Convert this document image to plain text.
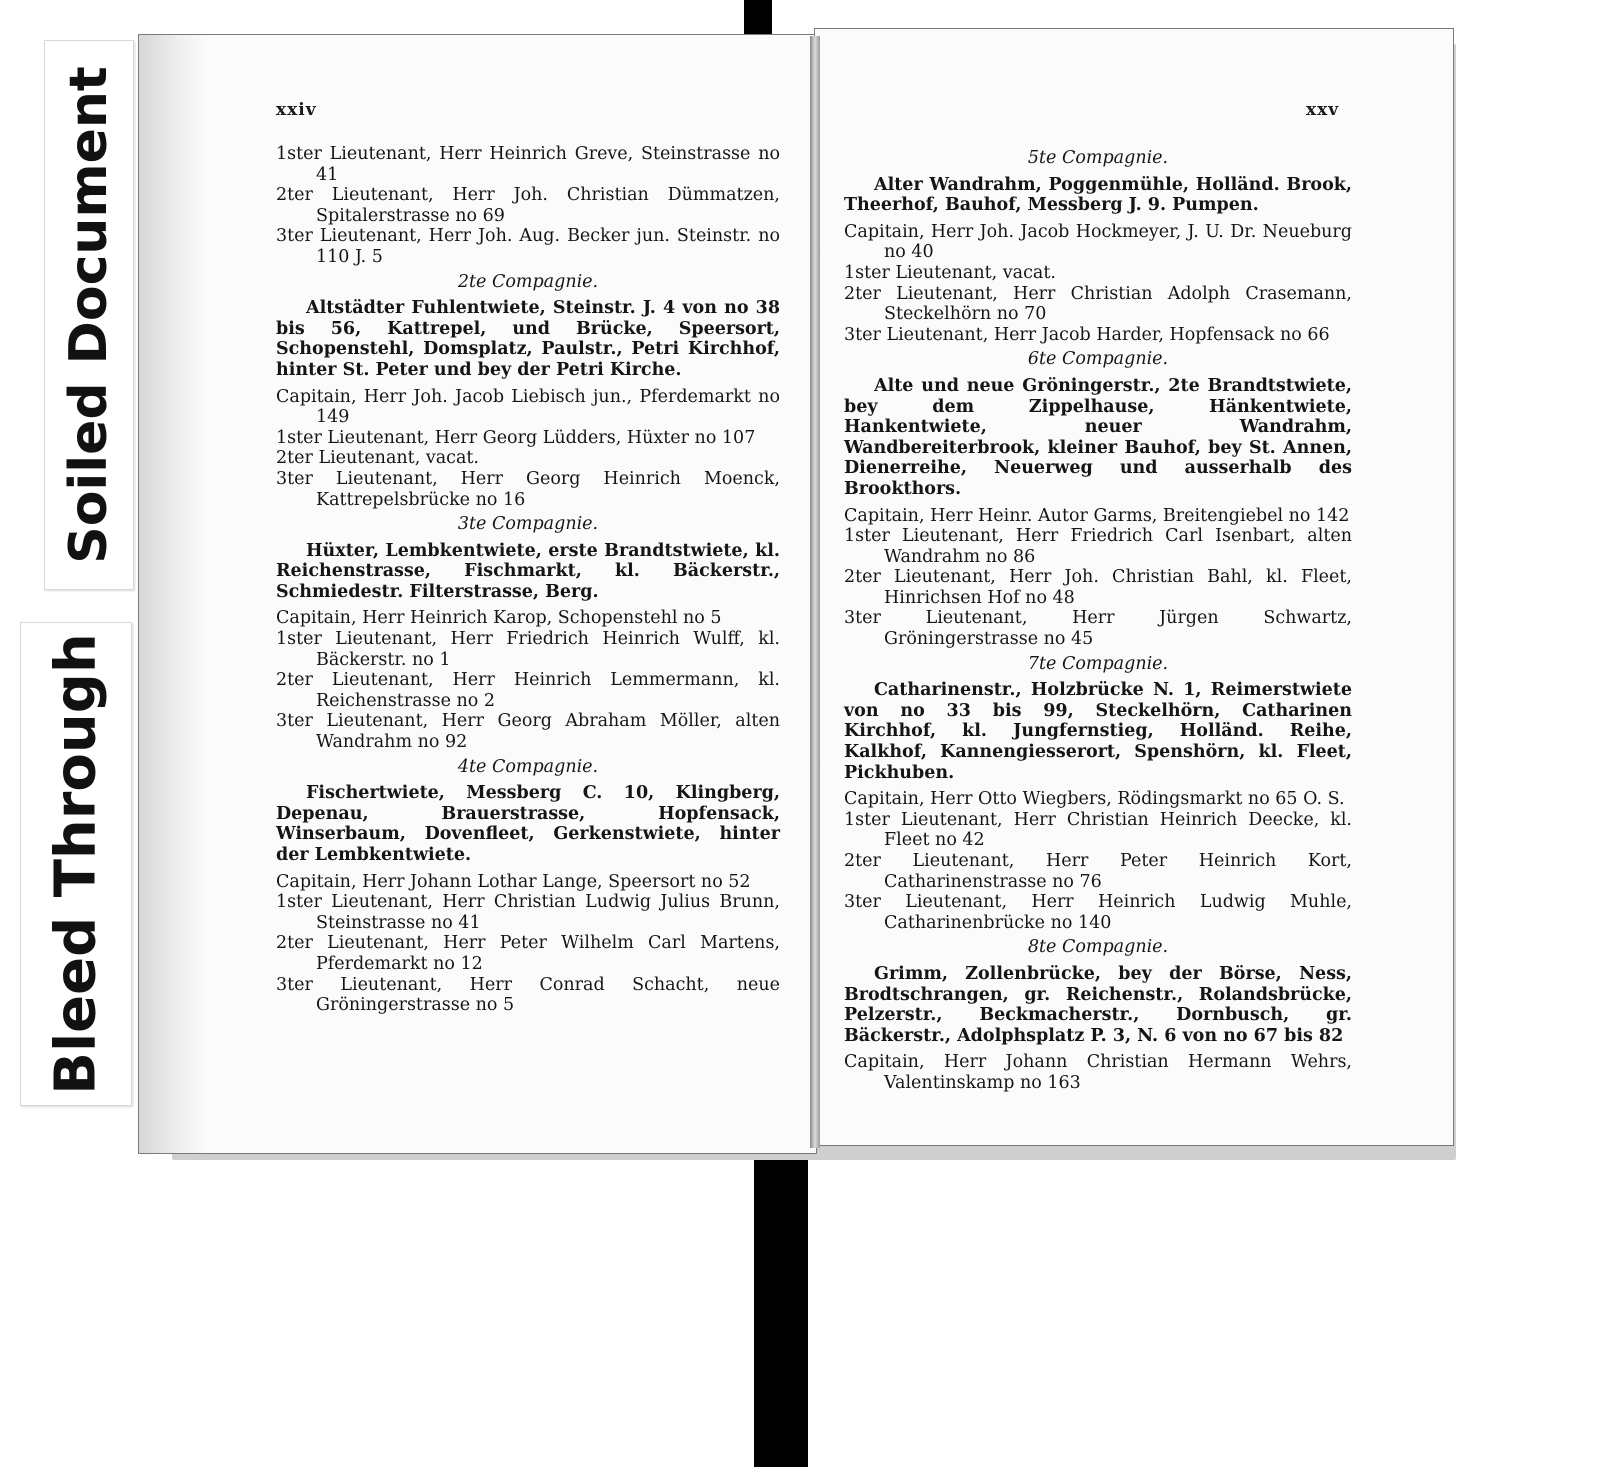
Soiled Document
Bleed Through
xxiv	xxv

1ster Lieutenant, Herr Heinrich Greve, Steinstrasse no 41

2ter Lieutenant, Herr Joh. Christian Dümmatzen, Spitalerstrasse no 69

3ter Lieutenant, Herr Joh. Aug. Becker jun. Steinstr. no 110 J. 5

2te Compagnie.

Altstädter Fuhlentwiete, Steinstr. J. 4 von no 38 bis 56, Kattrepel, und Brücke, Speersort, Schopenstehl, Domsplatz, Paulstr., Petri Kirchhof, hinter St. Peter und bey der Petri Kirche.

Capitain, Herr Joh. Jacob Liebisch jun., Pferdemarkt no 149

1ster Lieutenant, Herr Georg Lüdders, Hüxter no 107

2ter Lieutenant, vacat.

3ter Lieutenant, Herr Georg Heinrich Moenck, Kattrepelsbrücke no 16

3te Compagnie.

Hüxter, Lembkentwiete, erste Brandtstwiete, kl. Reichenstrasse, Fischmarkt, kl. Bäckerstr., Schmiedestr. Filterstrasse, Berg.

Capitain, Herr Heinrich Karop, Schopenstehl no 5

1ster Lieutenant, Herr Friedrich Heinrich Wulff, kl. Bäckerstr. no 1

2ter Lieutenant, Herr Heinrich Lemmermann, kl. Reichenstrasse no 2

3ter Lieutenant, Herr Georg Abraham Möller, alten Wandrahm no 92

4te Compagnie.

Fischertwiete, Messberg C. 10, Klingberg, Depenau, Brauerstrasse, Hopfensack, Winserbaum, Dovenfleet, Gerkenstwiete, hinter der Lembkentwiete.

Capitain, Herr Johann Lothar Lange, Speersort no 52

1ster Lieutenant, Herr Christian Ludwig Julius Brunn, Steinstrasse no 41

2ter Lieutenant, Herr Peter Wilhelm Carl Martens, Pferdemarkt no 12

3ter Lieutenant, Herr Conrad Schacht, neue Gröningerstrasse no 5

5te Compagnie.

Alter Wandrahm, Poggenmühle, Holländ. Brook, Theerhof, Bauhof, Messberg J. 9. Pumpen.

Capitain, Herr Joh. Jacob Hockmeyer, J. U. Dr. Neueburg no 40

1ster Lieutenant, vacat.

2ter Lieutenant, Herr Christian Adolph Crasemann, Steckelhörn no 70

3ter Lieutenant, Herr Jacob Harder, Hopfensack no 66

6te Compagnie.

Alte und neue Gröningerstr., 2te Brandtstwiete, bey dem Zippelhause, Hänkentwiete, Hankentwiete, neuer Wandrahm, Wandbereiterbrook, kleiner Bauhof, bey St. Annen, Dienerreihe, Neuerweg und ausserhalb des Brookthors.

Capitain, Herr Heinr. Autor Garms, Breitengiebel no 142

1ster Lieutenant, Herr Friedrich Carl Isenbart, alten Wandrahm no 86

2ter Lieutenant, Herr Joh. Christian Bahl, kl. Fleet, Hinrichsen Hof no 48

3ter Lieutenant, Herr Jürgen Schwartz, Gröningerstrasse no 45

7te Compagnie.

Catharinenstr., Holzbrücke N. 1, Reimerstwiete von no 33 bis 99, Steckelhörn, Catharinen Kirchhof, kl. Jungfernstieg, Holländ. Reihe, Kalkhof, Kannengiesserort, Spenshörn, kl. Fleet, Pickhuben.

Capitain, Herr Otto Wiegbers, Rödingsmarkt no 65 O. S.

1ster Lieutenant, Herr Christian Heinrich Deecke, kl. Fleet no 42

2ter Lieutenant, Herr Peter Heinrich Kort, Catharinenstrasse no 76

3ter Lieutenant, Herr Heinrich Ludwig Muhle, Catharinenbrücke no 140

8te Compagnie.

Grimm, Zollenbrücke, bey der Börse, Ness, Brodtschrangen, gr. Reichenstr., Rolandsbrücke, Pelzerstr., Beckmacherstr., Dornbusch, gr. Bäckerstr., Adolphsplatz P. 3, N. 6 von no 67 bis 82

Capitain, Herr Johann Christian Hermann Wehrs, Valentinskamp no 163
